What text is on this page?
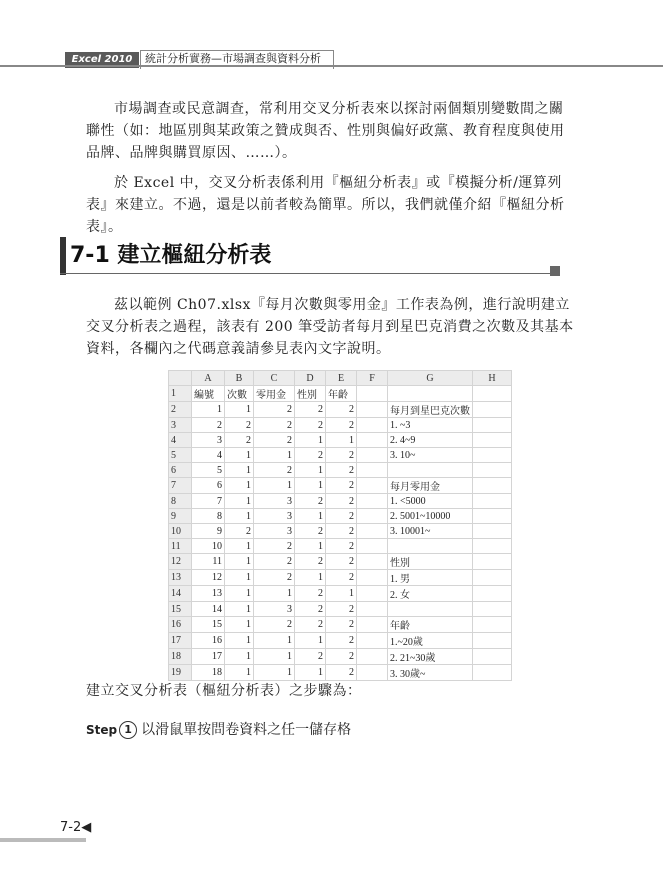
Excel 2010	統計分析實務—市場調查與資料分析
市場調查或民意調查，常利用交叉分析表來以探討兩個類別變數間之關聯性（如：地區別與某政策之贊成與否、性別與偏好政黨、教育程度與使用品牌、品牌與購買原因、……）。
於 Excel 中，交叉分析表係利用『樞紐分析表』或『模擬分析/運算列表』來建立。不過，還是以前者較為簡單。所以，我們就僅介紹『樞紐分析表』。
7-1 建立樞紐分析表
茲以範例 Ch07.xlsx『每月次數與零用金』工作表為例，進行說明建立交叉分析表之過程，該表有 200 筆受訪者每月到星巴克消費之次數及其基本資料，各欄內之代碼意義請參見表內文字說明。
	A	B	C	D	E	F	G	H
1	編號	次數	零用金	性別	年齡			
2	1	1	2	2	2		每月到星巴克次數	
3	2	2	2	2	2		1. ~3	
4	3	2	2	1	1		2. 4~9	
5	4	1	1	2	2		3. 10~	
6	5	1	2	1	2			
7	6	1	1	1	2		每月零用金	
8	7	1	3	2	2		1. <5000	
9	8	1	3	1	2		2. 5001~10000	
10	9	2	3	2	2		3. 10001~	
11	10	1	2	1	2			
12	11	1	2	2	2		性別	
13	12	1	2	1	2		1. 男	
14	13	1	1	2	1		2. 女	
15	14	1	3	2	2			
16	15	1	2	2	2		年齡	
17	16	1	1	1	2		1.~20歲	
18	17	1	1	2	2		2. 21~30歲	
19	18	1	1	1	2		3. 30歲~	
建立交叉分析表（樞紐分析表）之步驟為：
Step 1 以滑鼠單按問卷資料之任一儲存格
7-2◀
